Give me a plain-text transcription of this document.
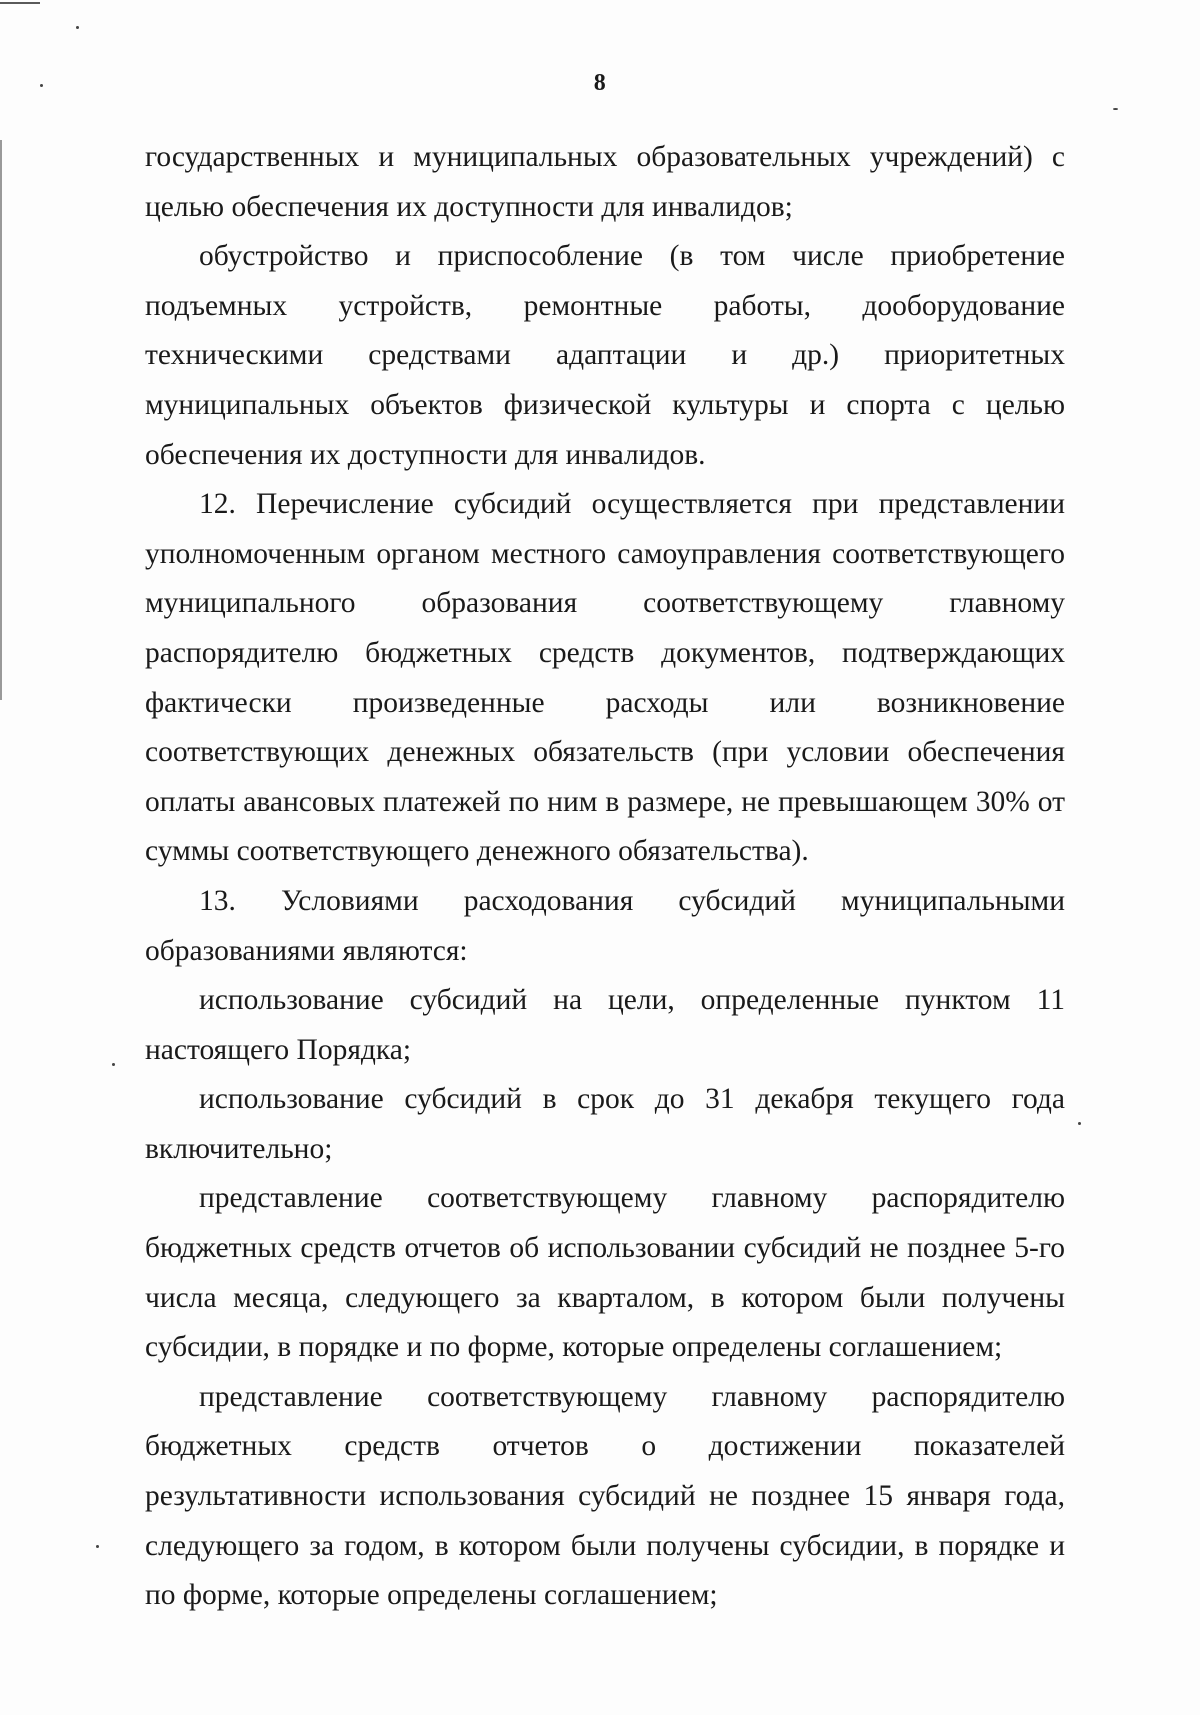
8

государственных и муниципальных образовательных учреждений) с целью обеспечения их доступности для инвалидов;

обустройство и приспособление (в том числе приобретение подъемных устройств, ремонтные работы, дооборудование техническими средствами адаптации и др.) приоритетных муниципальных объектов физической культуры и спорта с целью обеспечения их доступности для инвалидов.

12. Перечисление субсидий осуществляется при представлении уполномоченным органом местного самоуправления соответствующего муниципального образования соответствующему главному распорядителю бюджетных средств документов, подтверждающих фактически произведенные расходы или возникновение соответствующих денежных обязательств (при условии обеспечения оплаты авансовых платежей по ним в размере, не превышающем 30% от суммы соответствующего денежного обязательства).

13. Условиями расходования субсидий муниципальными образованиями являются:

использование субсидий на цели, определенные пунктом 11 настоящего Порядка;

использование субсидий в срок до 31 декабря текущего года включительно;

представление соответствующему главному распорядителю бюджетных средств отчетов об использовании субсидий не позднее 5-го числа месяца, следующего за кварталом, в котором были получены субсидии, в порядке и по форме, которые определены соглашением;

представление соответствующему главному распорядителю бюджетных средств отчетов о достижении показателей результативности использования субсидий не позднее 15 января года, следующего за годом, в котором были получены субсидии, в порядке и по форме, которые определены соглашением;
